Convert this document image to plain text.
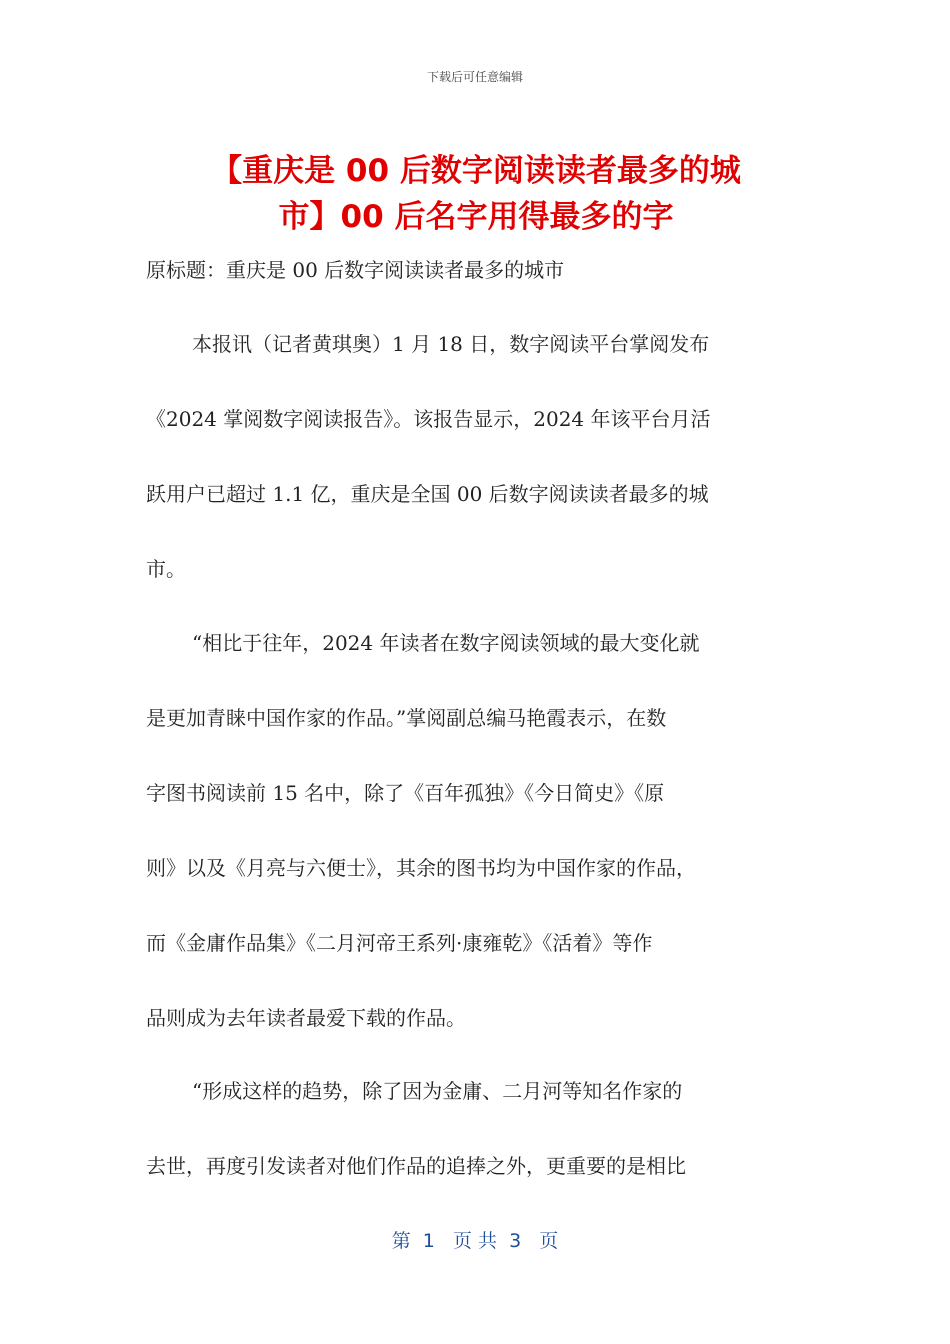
下载后可任意编辑
【重庆是 00 后数字阅读读者最多的城
市】00 后名字用得最多的字
原标题：重庆是 00 后数字阅读读者最多的城市
本报讯（记者黄琪奥）1 月 18 日，数字阅读平台掌阅发布
《2024 掌阅数字阅读报告》。该报告显示，2024 年该平台月活
跃用户已超过 1.1 亿，重庆是全国 00 后数字阅读读者最多的城
市。
“相比于往年，2024 年读者在数字阅读领域的最大变化就
是更加青睐中国作家的作品。”掌阅副总编马艳霞表示，在数
字图书阅读前 15 名中，除了《百年孤独》《今日简史》《原
则》以及《月亮与六便士》，其余的图书均为中国作家的作品，
而《金庸作品集》《二月河帝王系列·康雍乾》《活着》等作
品则成为去年读者最爱下载的作品。
“形成这样的趋势，除了因为金庸、二月河等知名作家的
去世，再度引发读者对他们作品的追捧之外，更重要的是相比
第  1   页 共  3   页
